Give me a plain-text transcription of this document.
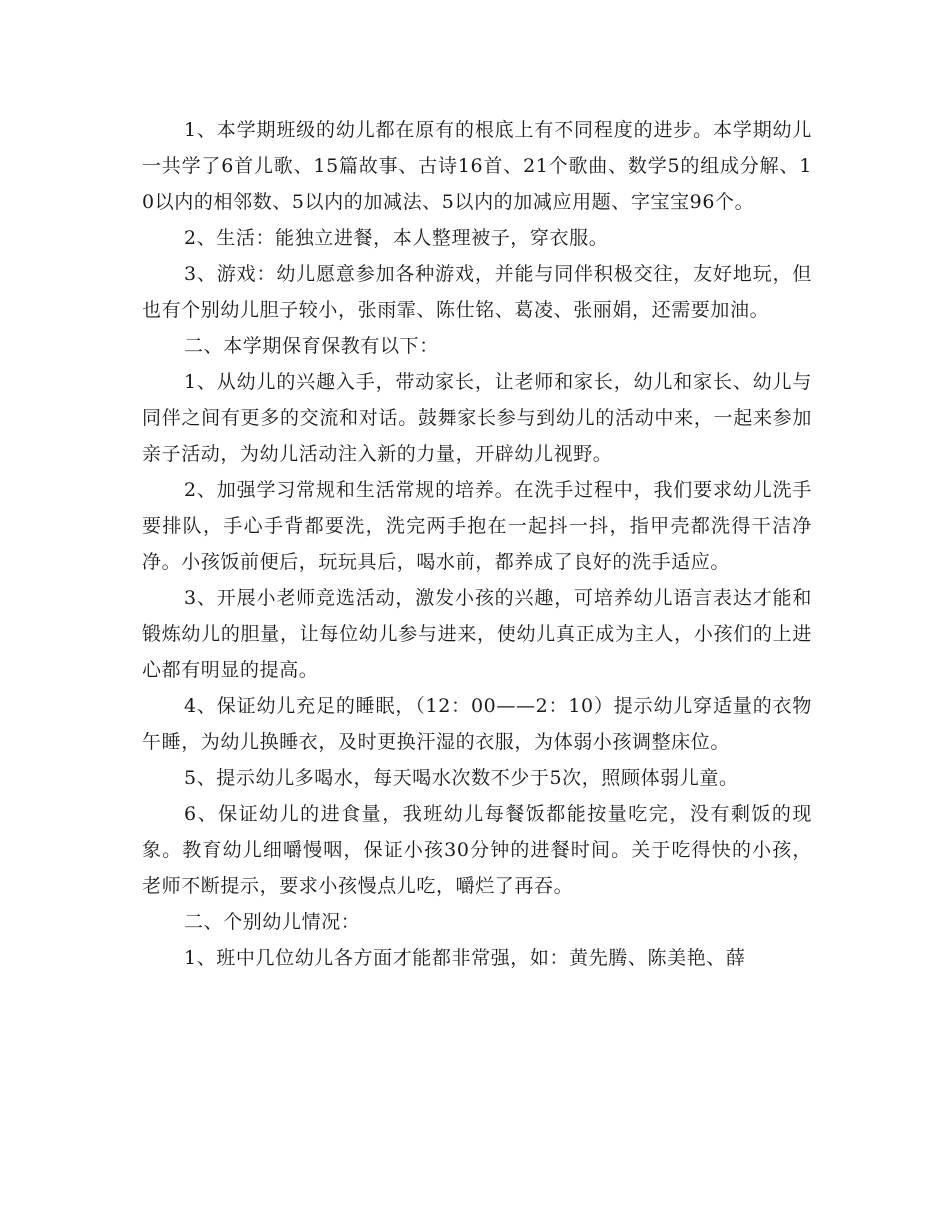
1、本学期班级的幼儿都在原有的根底上有不同程度的进步。本学期幼儿一共学了6首儿歌、15篇故事、古诗16首、21个歌曲、数学5的组成分解、10以内的相邻数、5以内的加减法、5以内的加减应用题、字宝宝96个。

2、生活：能独立进餐，本人整理被子，穿衣服。

3、游戏：幼儿愿意参加各种游戏，并能与同伴积极交往，友好地玩，但也有个别幼儿胆子较小，张雨霏、陈仕铭、葛凌、张丽娟，还需要加油。

二、本学期保育保教有以下：

1、从幼儿的兴趣入手，带动家长，让老师和家长，幼儿和家长、幼儿与同伴之间有更多的交流和对话。鼓舞家长参与到幼儿的活动中来，一起来参加亲子活动，为幼儿活动注入新的力量，开辟幼儿视野。

2、加强学习常规和生活常规的培养。在洗手过程中，我们要求幼儿洗手要排队，手心手背都要洗，洗完两手抱在一起抖一抖，指甲壳都洗得干洁净净。小孩饭前便后，玩玩具后，喝水前，都养成了良好的洗手适应。

3、开展小老师竞选活动，激发小孩的兴趣，可培养幼儿语言表达才能和锻炼幼儿的胆量，让每位幼儿参与进来，使幼儿真正成为主人，小孩们的上进心都有明显的提高。

4、保证幼儿充足的睡眠，（12：00——2：10）提示幼儿穿适量的衣物午睡，为幼儿换睡衣，及时更换汗湿的衣服，为体弱小孩调整床位。

5、提示幼儿多喝水，每天喝水次数不少于5次，照顾体弱儿童。

6、保证幼儿的进食量，我班幼儿每餐饭都能按量吃完，没有剩饭的现象。教育幼儿细嚼慢咽，保证小孩30分钟的进餐时间。关于吃得快的小孩，老师不断提示，要求小孩慢点儿吃，嚼烂了再吞。

二、个别幼儿情况：

1、班中几位幼儿各方面才能都非常强，如：黄先腾、陈美艳、薛
